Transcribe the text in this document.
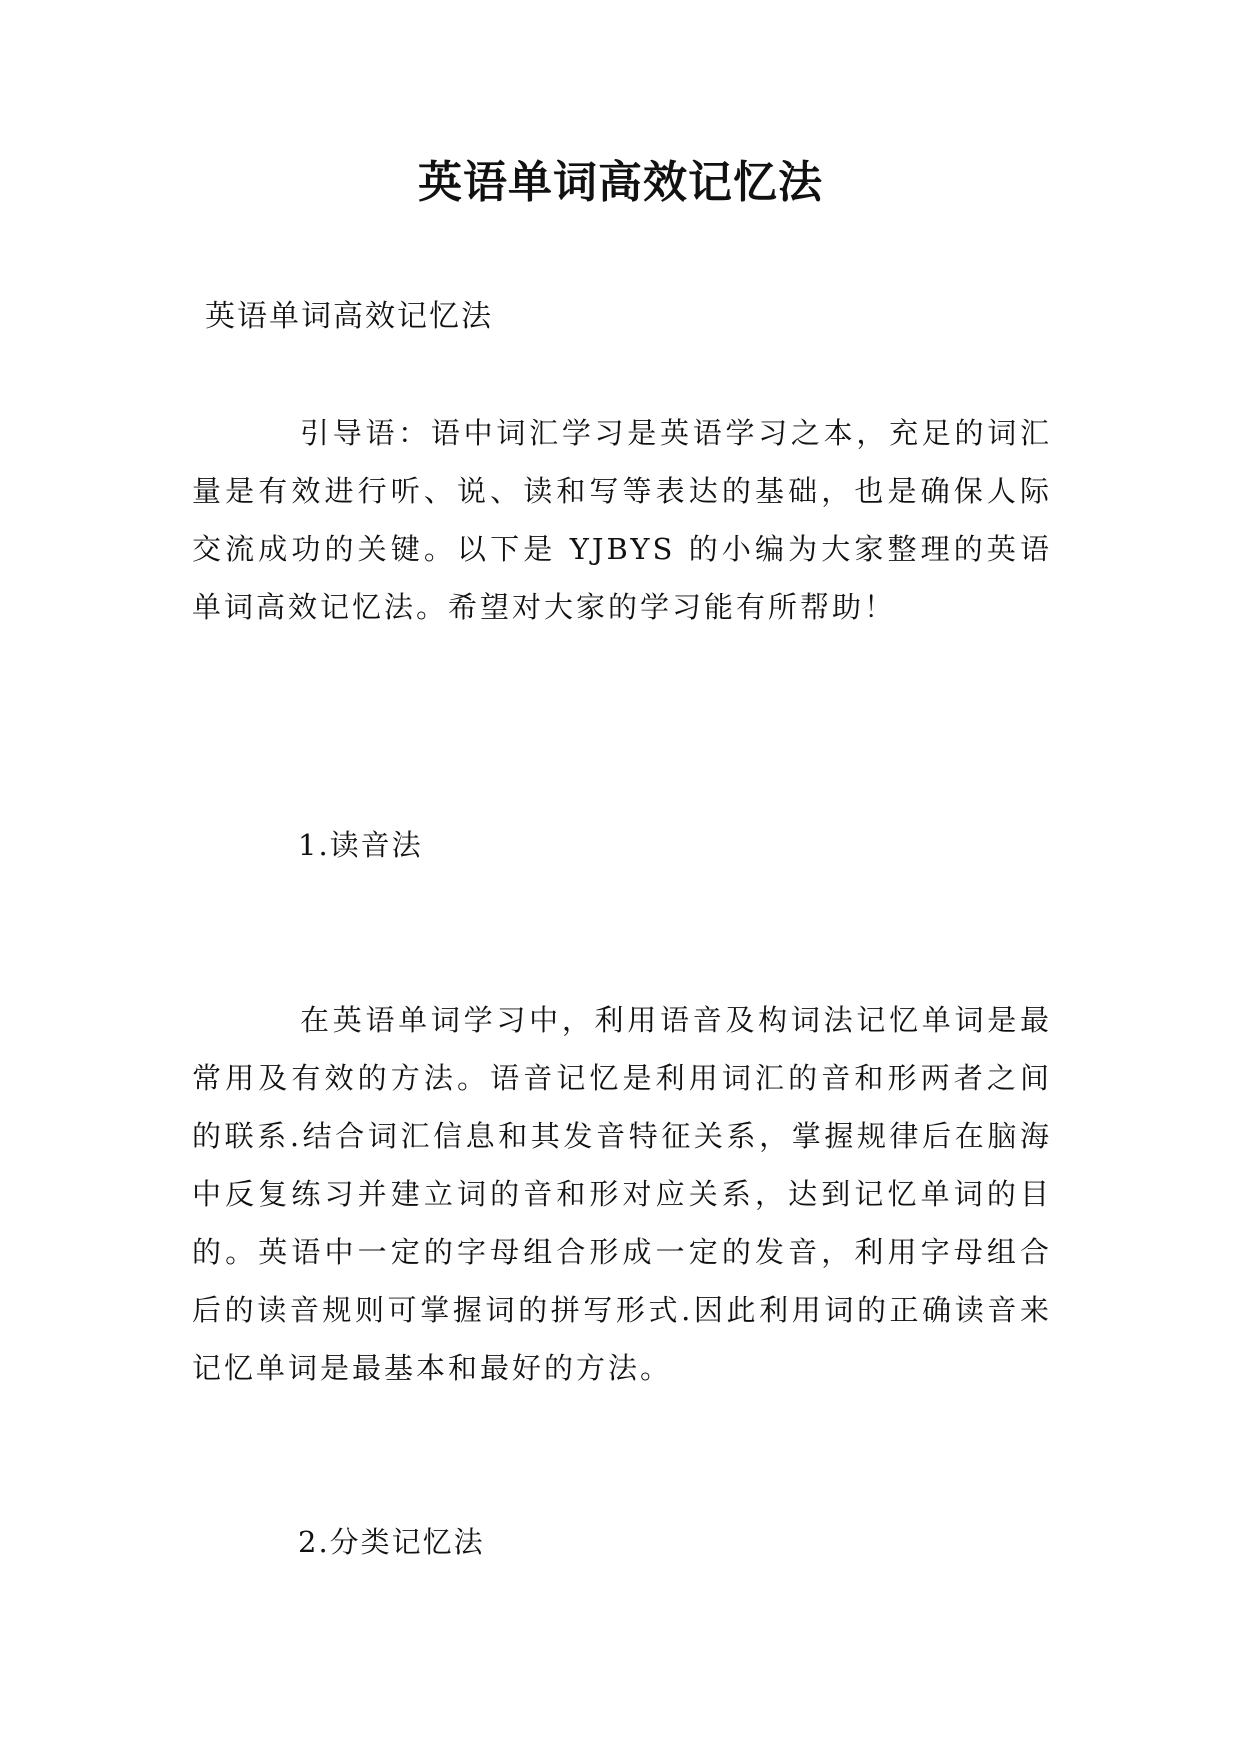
英语单词高效记忆法

英语单词高效记忆法

引导语：语中词汇学习是英语学习之本，充足的词汇量是有效进行听、说、读和写等表达的基础，也是确保人际交流成功的关键。以下是 YJBYS 的小编为大家整理的英语单词高效记忆法。希望对大家的学习能有所帮助！

1.读音法

在英语单词学习中，利用语音及构词法记忆单词是最常用及有效的方法。语音记忆是利用词汇的音和形两者之间的联系.结合词汇信息和其发音特征关系，掌握规律后在脑海中反复练习并建立词的音和形对应关系，达到记忆单词的目的。英语中一定的字母组合形成一定的发音，利用字母组合后的读音规则可掌握词的拼写形式.因此利用词的正确读音来记忆单词是最基本和最好的方法。

2.分类记忆法
